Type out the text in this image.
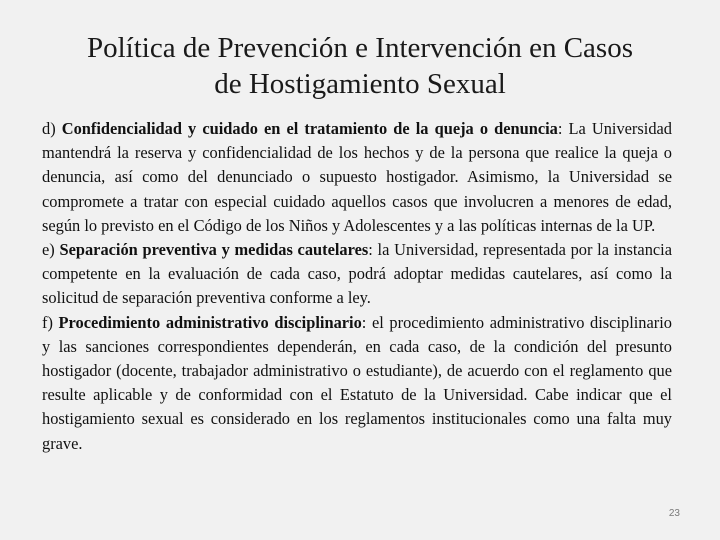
Política de Prevención e Intervención en Casos
de Hostigamiento Sexual

d) Confidencialidad y cuidado en el tratamiento de la queja o denuncia: La Universidad mantendrá la reserva y confidencialidad de los hechos y de la persona que realice la queja o denuncia, así como del denunciado o supuesto hostigador. Asimismo, la Universidad se compromete a tratar con especial cuidado aquellos casos que involucren a menores de edad, según lo previsto en el Código de los Niños y Adolescentes y a las políticas internas de la UP.

e) Separación preventiva y medidas cautelares: la Universidad, representada por la instancia competente en la evaluación de cada caso, podrá adoptar medidas cautelares, así como la solicitud de separación preventiva conforme a ley.

f) Procedimiento administrativo disciplinario: el procedimiento administrativo disciplinario y las sanciones correspondientes dependerán, en cada caso, de la condición del presunto hostigador (docente, trabajador administrativo o estudiante), de acuerdo con el reglamento que resulte aplicable y de conformidad con el Estatuto de la Universidad. Cabe indicar que el hostigamiento sexual es considerado en los reglamentos institucionales como una falta muy grave.

23
